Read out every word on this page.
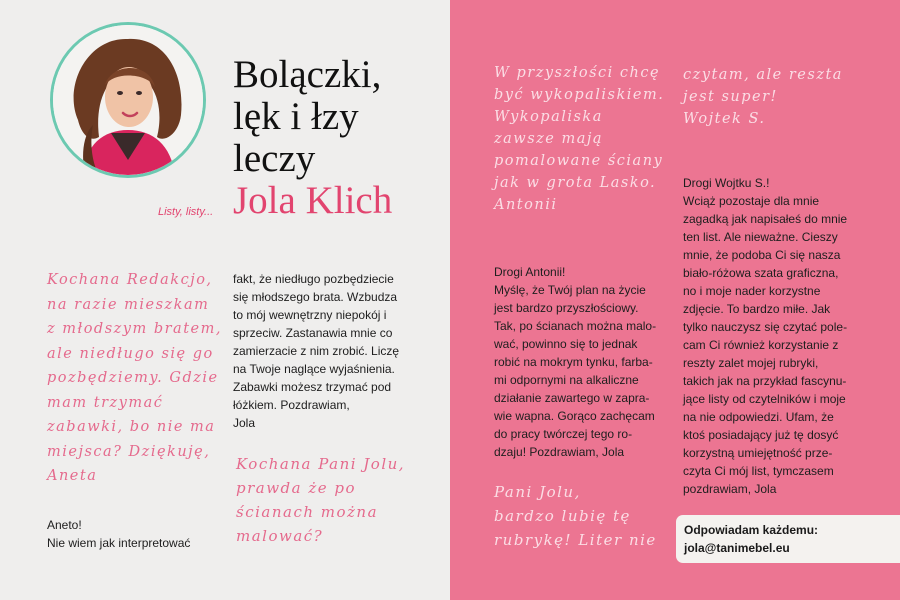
Listy, listy...
Bolączki,
lęk i łzy
leczy
Jola Klich
Kochana Redakcjo,
na razie mieszkam
z młodszym bratem,
ale niedługo się go
pozbędziemy. Gdzie
mam trzymać
zabawki, bo nie ma
miejsca? Dziękuję,
Aneta
Aneto!
Nie wiem jak interpretować
fakt, że niedługo pozbędziecie
się młodszego brata. Wzbudza
to mój wewnętrzny niepokój i
sprzeciw. Zastanawia mnie co
zamierzacie z nim zrobić. Liczę
na Twoje naglące wyjaśnienia.
Zabawki możesz trzymać pod
łóżkiem. Pozdrawiam,
Jola
Kochana Pani Jolu,
prawda że po
ścianach można
malować?
W przyszłości chcę
być wykopaliskiem.
Wykopaliska
zawsze mają
pomalowane ściany
jak w grota Lasko.
Antonii
czytam, ale reszta
jest super!
Wojtek S.
Drogi Antonii!
Myślę, że Twój plan na życie
jest bardzo przyszłościowy.
Tak, po ścianach można malo-
wać, powinno się to jednak
robić na mokrym tynku, farba-
mi odpornymi na alkaliczne
działanie zawartego w zapra-
wie wapna. Gorąco zachęcam
do pracy twórczej tego ro-
dzaju! Pozdrawiam, Jola
Drogi Wojtku S.!
Wciąż pozostaje dla mnie
zagadką jak napisałeś do mnie
ten list. Ale nieważne. Cieszy
mnie, że podoba Ci się nasza
biało-różowa szata graficzna,
no i moje nader korzystne
zdjęcie. To bardzo miłe. Jak
tylko nauczysz się czytać pole-
cam Ci również korzystanie z
reszty zalet mojej rubryki,
takich jak na przykład fascynu-
jące listy od czytelników i moje
na nie odpowiedzi. Ufam, że
ktoś posiadający już tę dosyć
korzystną umiejętność prze-
czyta Ci mój list, tymczasem
pozdrawiam, Jola
Pani Jolu,
bardzo lubię tę
rubrykę! Liter nie
Odpowiadam każdemu:
jola@tanimebel.eu
